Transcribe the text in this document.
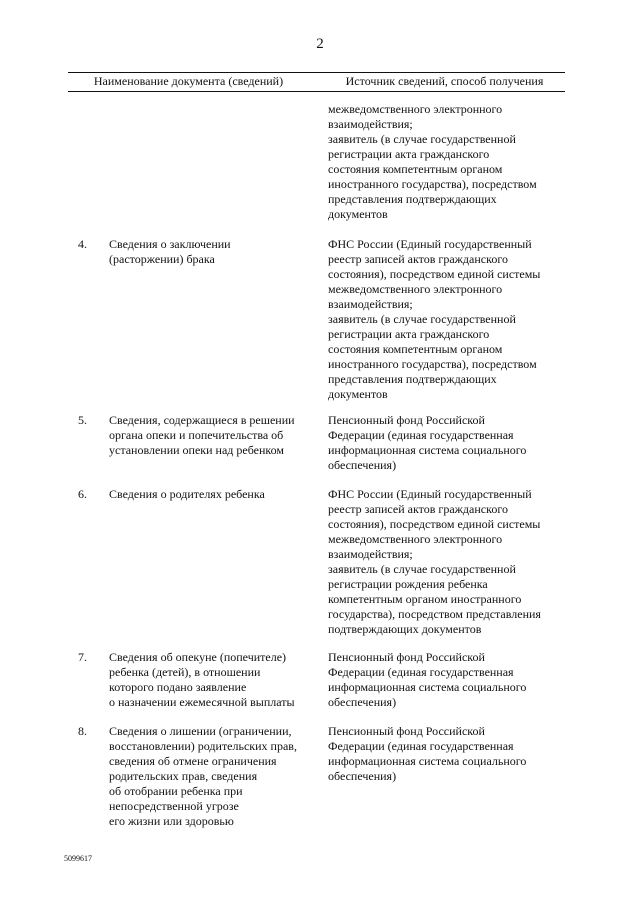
2
Наименование документа (сведений)	Источник сведений, способ получения
межведомственного электронного
взаимодействия;
заявитель (в случае государственной
регистрации акта гражданского
состояния компетентным органом
иностранного государства), посредством
представления подтверждающих
документов
4. Сведения о заключении
(расторжении) брака
ФНС России (Единый государственный
реестр записей актов гражданского
состояния), посредством единой системы
межведомственного электронного
взаимодействия;
заявитель (в случае государственной
регистрации акта гражданского
состояния компетентным органом
иностранного государства), посредством
представления подтверждающих
документов
5. Сведения, содержащиеся в решении
органа опеки и попечительства об
установлении опеки над ребенком
Пенсионный фонд Российской
Федерации (единая государственная
информационная система социального
обеспечения)
6. Сведения о родителях ребенка	ФНС России (Единый государственный
реестр записей актов гражданского
состояния), посредством единой системы
межведомственного электронного
взаимодействия;
заявитель (в случае государственной
регистрации рождения ребенка
компетентным органом иностранного
государства), посредством представления
подтверждающих документов
7. Сведения об опекуне (попечителе)
ребенка (детей), в отношении
которого подано заявление
о назначении ежемесячной выплаты
Пенсионный фонд Российской
Федерации (единая государственная
информационная система социального
обеспечения)
8. Сведения о лишении (ограничении,
восстановлении) родительских прав,
сведения об отмене ограничения
родительских прав, сведения
об отобрании ребенка при
непосредственной угрозе
его жизни или здоровью
Пенсионный фонд Российской
Федерации (единая государственная
информационная система социального
обеспечения)
5099617
